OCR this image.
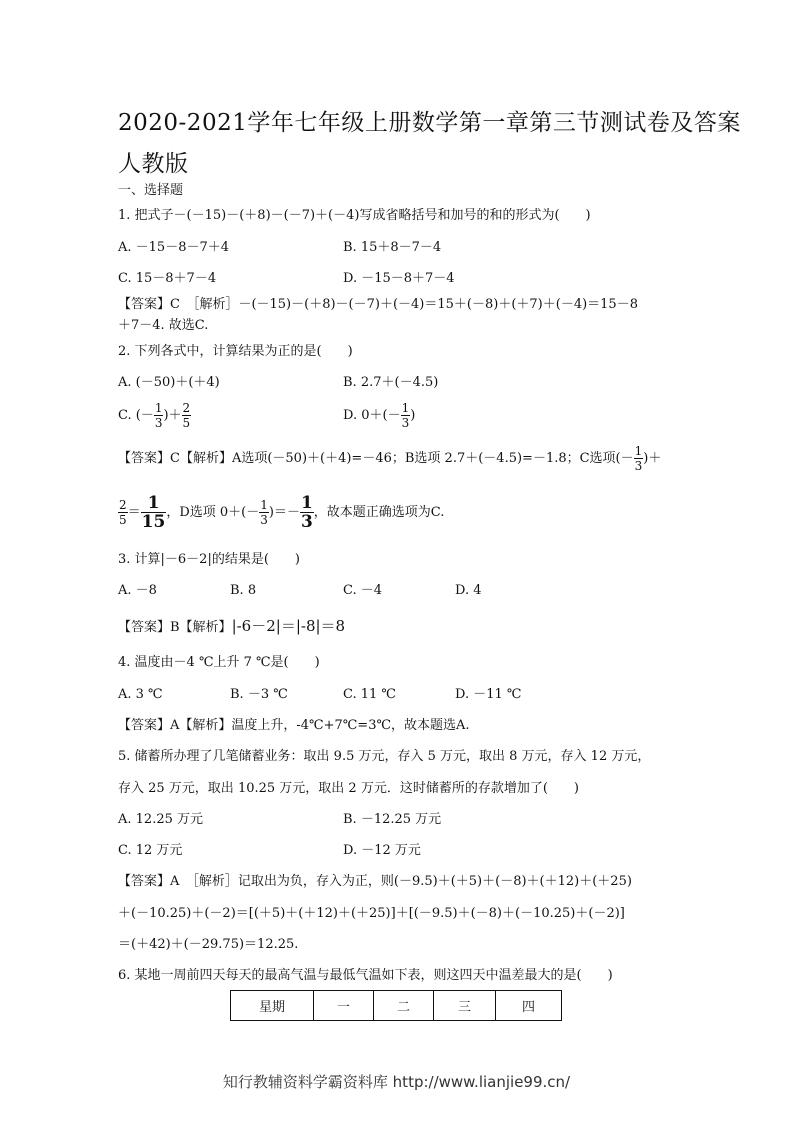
2020-2021学年七年级上册数学第一章第三节测试卷及答案
人教版
一、选择题
1. 把式子－(－15)－(＋8)－(－7)＋(－4)写成省略括号和加号的和的形式为(　　)
A. －15－8－7＋4	B. 15＋8－7－4
C. 15－8＋7－4	D. －15－8＋7－4
【答案】C　［解析］－(－15)－(＋8)－(－7)＋(－4)＝15＋(－8)＋(＋7)＋(－4)＝15－8
＋7－4. 故选C.
2. 下列各式中，计算结果为正的是(　　)
A. (－50)＋(＋4)	B. 2.7＋(－4.5)
C. (－ $\frac{1}{3}$ )＋ $\frac{2}{5}$	D. $0+(- \frac{1}{3}$ )
【答案】C【解析】A选项(－50)＋(＋4)=－46；B选项 2.7＋(－4.5)=－1.8；C选项(－ $\frac{1}{3}$ )＋
$\frac{2}{5} = \frac{1}{15}$ ，D选项 $0+(- \frac{1}{3}$ )＝－ $\frac{1}{3}$ ，故本题正确选项为C.
3. 计算|－6－2|的结果是(　　)
A. －8	B. 8	C. －4	D. 4
【答案】B【解析】|-6－2|＝|-8|＝8
4. 温度由－4 ℃上升 7 ℃是(　　)
A. 3 ℃	B. －3 ℃	C. 11 ℃	D. －11 ℃
【答案】A【解析】温度上升，-4℃+7℃=3℃，故本题选A.
5. 储蓄所办理了几笔储蓄业务：取出 9.5 万元，存入 5 万元，取出 8 万元，存入 12 万元，
存入 25 万元，取出 10.25 万元，取出 2 万元．这时储蓄所的存款增加了(　　)
A. 12.25 万元	B. －12.25 万元
C. 12 万元	D. －12 万元
【答案】A　［解析］记取出为负，存入为正，则(－9.5)＋(＋5)＋(－8)＋(＋12)＋(＋25)
＋(－10.25)＋(－2)＝[(＋5)＋(＋12)＋(＋25)]＋[(－9.5)＋(－8)＋(－10.25)＋(－2)]
＝(＋42)＋(－29.75)＝12.25.
6. 某地一周前四天每天的最高气温与最低气温如下表，则这四天中温差最大的是(　　)
星期	一	二	三	四
知行教辅资料学霸资料库 http://www.lianjie99.cn/
